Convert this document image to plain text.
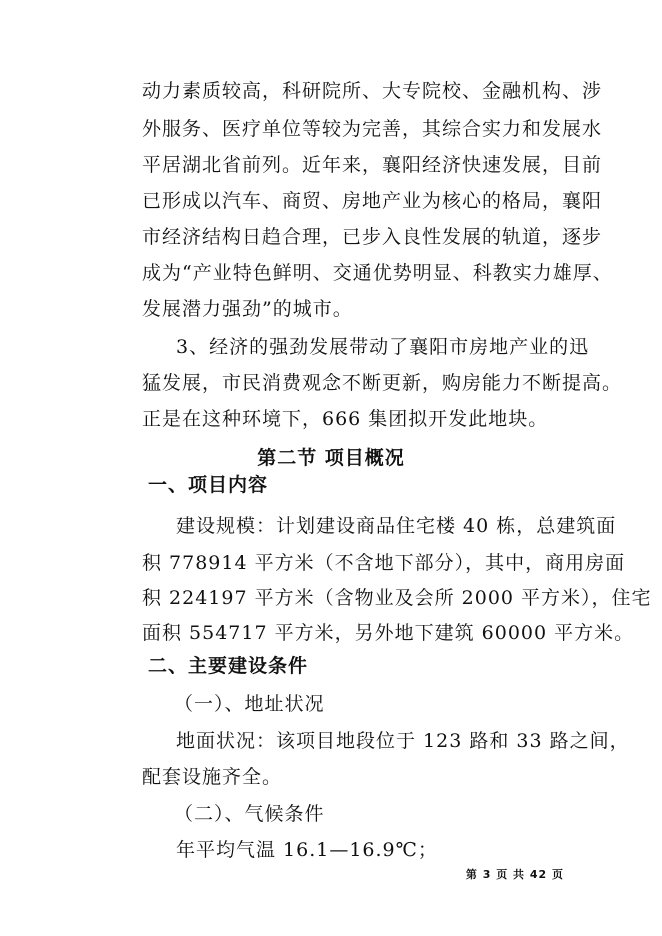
动力素质较高，科研院所、大专院校、金融机构、涉
外服务、医疗单位等较为完善，其综合实力和发展水
平居湖北省前列。近年来，襄阳经济快速发展，目前
已形成以汽车、商贸、房地产业为核心的格局，襄阳
市经济结构日趋合理，已步入良性发展的轨道，逐步
成为“产业特色鲜明、交通优势明显、科教实力雄厚、
发展潜力强劲”的城市。
3、经济的强劲发展带动了襄阳市房地产业的迅
猛发展，市民消费观念不断更新，购房能力不断提高。
正是在这种环境下，666 集团拟开发此地块。
第二节 项目概况
一、项目内容
建设规模：计划建设商品住宅楼 40 栋，总建筑面
积 778914 平方米（不含地下部分），其中，商用房面
积 224197 平方米（含物业及会所 2000 平方米），住宅
面积 554717 平方米，另外地下建筑 60000 平方米。
二、主要建设条件
（一）、地址状况
地面状况：该项目地段位于 123 路和 33 路之间，
配套设施齐全。
（二）、气候条件
年平均气温 16.1—16.9℃；
第 3 页 共 42 页
